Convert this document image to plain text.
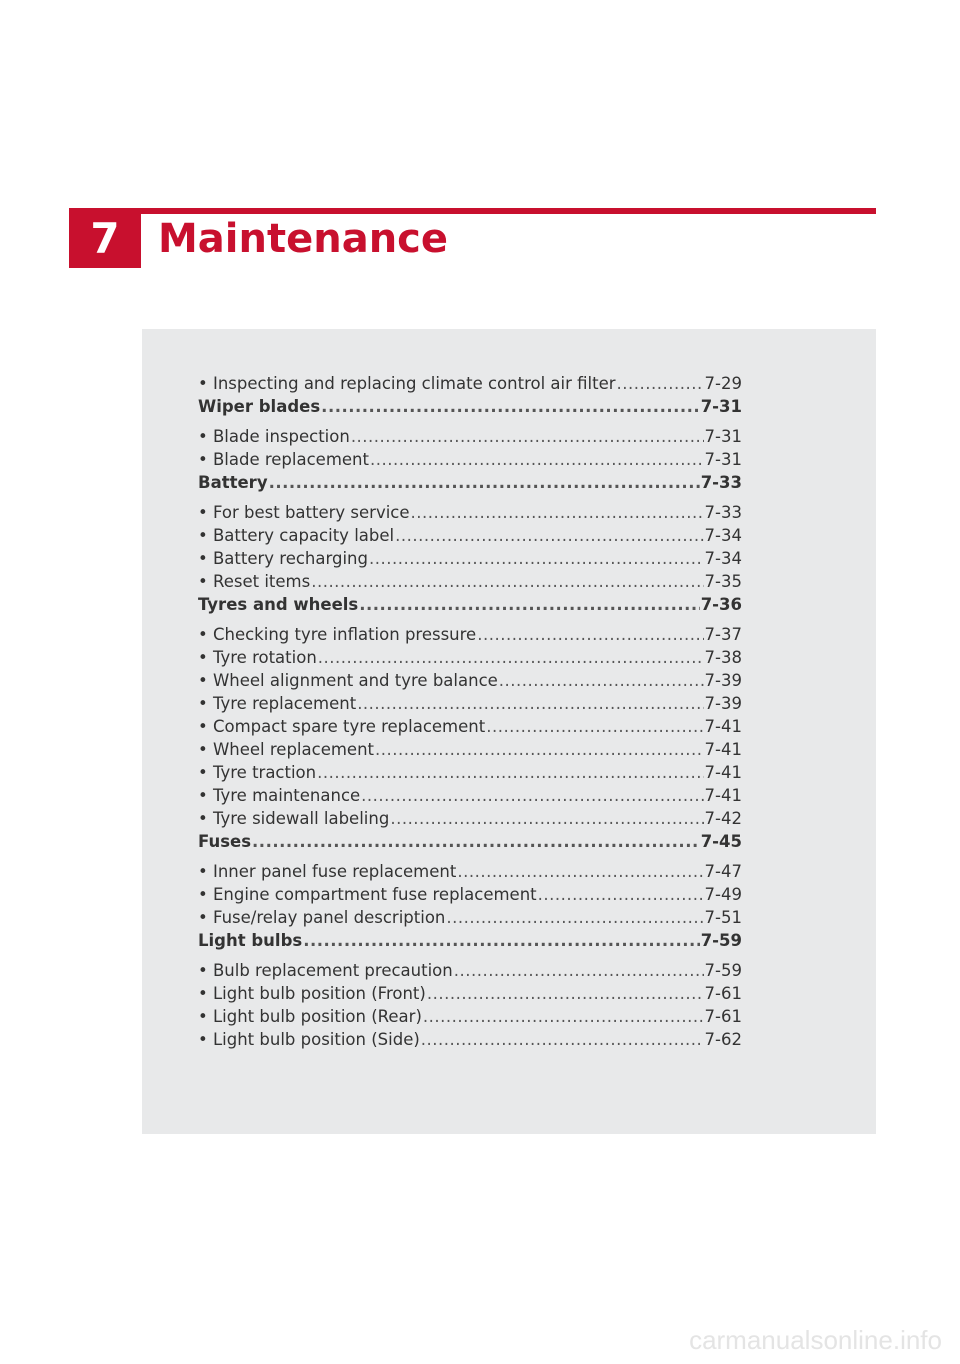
7 Maintenance
• Inspecting and replacing climate control air filter .....	7-29
Wiper blades .....	7-31
• Blade inspection .....	7-31
• Blade replacement .....	7-31
Battery .....	7-33
• For best battery service .....	7-33
• Battery capacity label .....	7-34
• Battery recharging .....	7-34
• Reset items .....	7-35
Tyres and wheels .....	7-36
• Checking tyre inflation pressure .....	7-37
• Tyre rotation .....	7-38
• Wheel alignment and tyre balance .....	7-39
• Tyre replacement .....	7-39
• Compact spare tyre replacement .....	7-41
• Wheel replacement .....	7-41
• Tyre traction .....	7-41
• Tyre maintenance .....	7-41
• Tyre sidewall labeling .....	7-42
Fuses .....	7-45
• Inner panel fuse replacement .....	7-47
• Engine compartment fuse replacement .....	7-49
• Fuse/relay panel description .....	7-51
Light bulbs .....	7-59
• Bulb replacement precaution .....	7-59
• Light bulb position (Front) .....	7-61
• Light bulb position (Rear) .....	7-61
• Light bulb position (Side) .....	7-62
carmanualsonline.info
